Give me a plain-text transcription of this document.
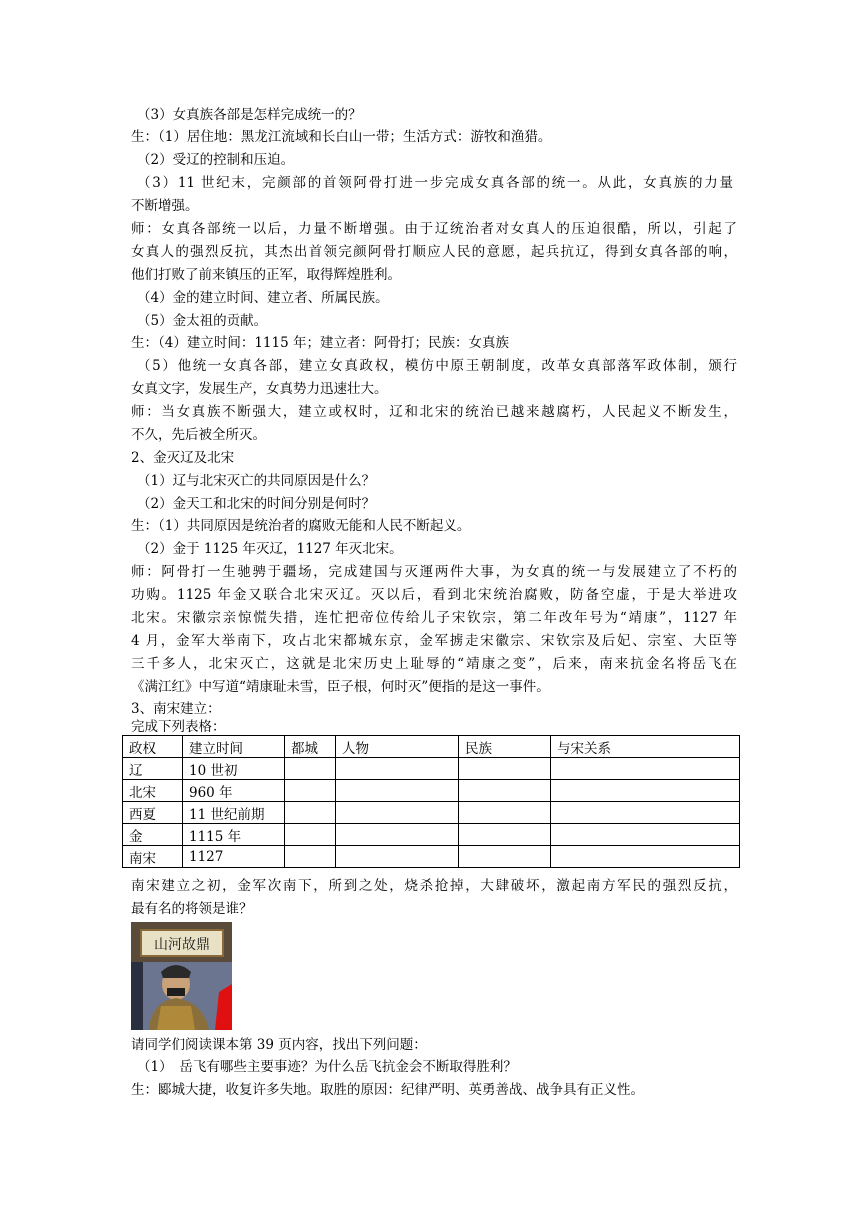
（3）女真族各部是怎样完成统一的？
生：（1）居住地：黑龙江流域和长白山一带；生活方式：游牧和渔猎。
（2）受辽的控制和压迫。
（3）11 世纪末，完颜部的首领阿骨打进一步完成女真各部的统一。从此，女真族的力量
不断增强。
师：女真各部统一以后，力量不断增强。由于辽统治者对女真人的压迫很酷，所以，引起了
女真人的强烈反抗，其杰出首领完颜阿骨打顺应人民的意愿，起兵抗辽，得到女真各部的响，
他们打败了前来镇压的正军，取得辉煌胜利。
（4）金的建立时间、建立者、所属民族。
（5）金太祖的贡献。
生：（4）建立时间：1115 年；建立者：阿骨打；民族：女真族
（5）他统一女真各部，建立女真政权，模仿中原王朝制度，改革女真部落军政体制，颁行
女真文字，发展生产，女真势力迅速壮大。
师：当女真族不断强大，建立或权时，辽和北宋的统治已越来越腐朽，人民起义不断发生，
不久，先后被全所灭。
2、金灭辽及北宋
（1）辽与北宋灭亡的共同原因是什么？
（2）金天工和北宋的时间分别是何时？
生：（1）共同原因是统治者的腐败无能和人民不断起义。
（2）金于 1125 年灭辽，1127 年灭北宋。
师：阿骨打一生驰骋于疆场，完成建国与灭運两件大事，为女真的统一与发展建立了不朽的
功购。1125 年金又联合北宋灭辽。灭以后，看到北宋统治腐败，防备空虚，于是大举进攻
北宋。宋徽宗亲惊慌失措，连忙把帝位传给儿子宋钦宗，第二年改年号为“靖康”，1127 年
4 月，金军大举南下，攻占北宋都城东京，金军掳走宋徽宗、宋钦宗及后妃、宗室、大臣等
三千多人，北宋灭亡，这就是北宋历史上耻辱的“靖康之变”，后来，南来抗金名将岳飞在
《满江红》中写道“靖康耻未雪，臣子根，何时灭”便指的是这一事件。
3、南宋建立：
完成下列表格：
政权	建立时间	都城	人物	民族	与宋关系
辽	10 世初				
北宋	960 年				
西夏	11 世纪前期				
金	1115 年				
南宋	1127				
南宋建立之初，金军次南下，所到之处，烧杀抢掉，大肆破坏，激起南方军民的强烈反抗，
最有名的将领是谁？
山河故鼎
请同学们阅读课本第 39 页内容，找出下列问题：
（1）　岳飞有哪些主要事迹？为什么岳飞抗金会不断取得胜利？
生：郾城大捷，收复许多失地。取胜的原因：纪律严明、英勇善战、战争具有正义性。
